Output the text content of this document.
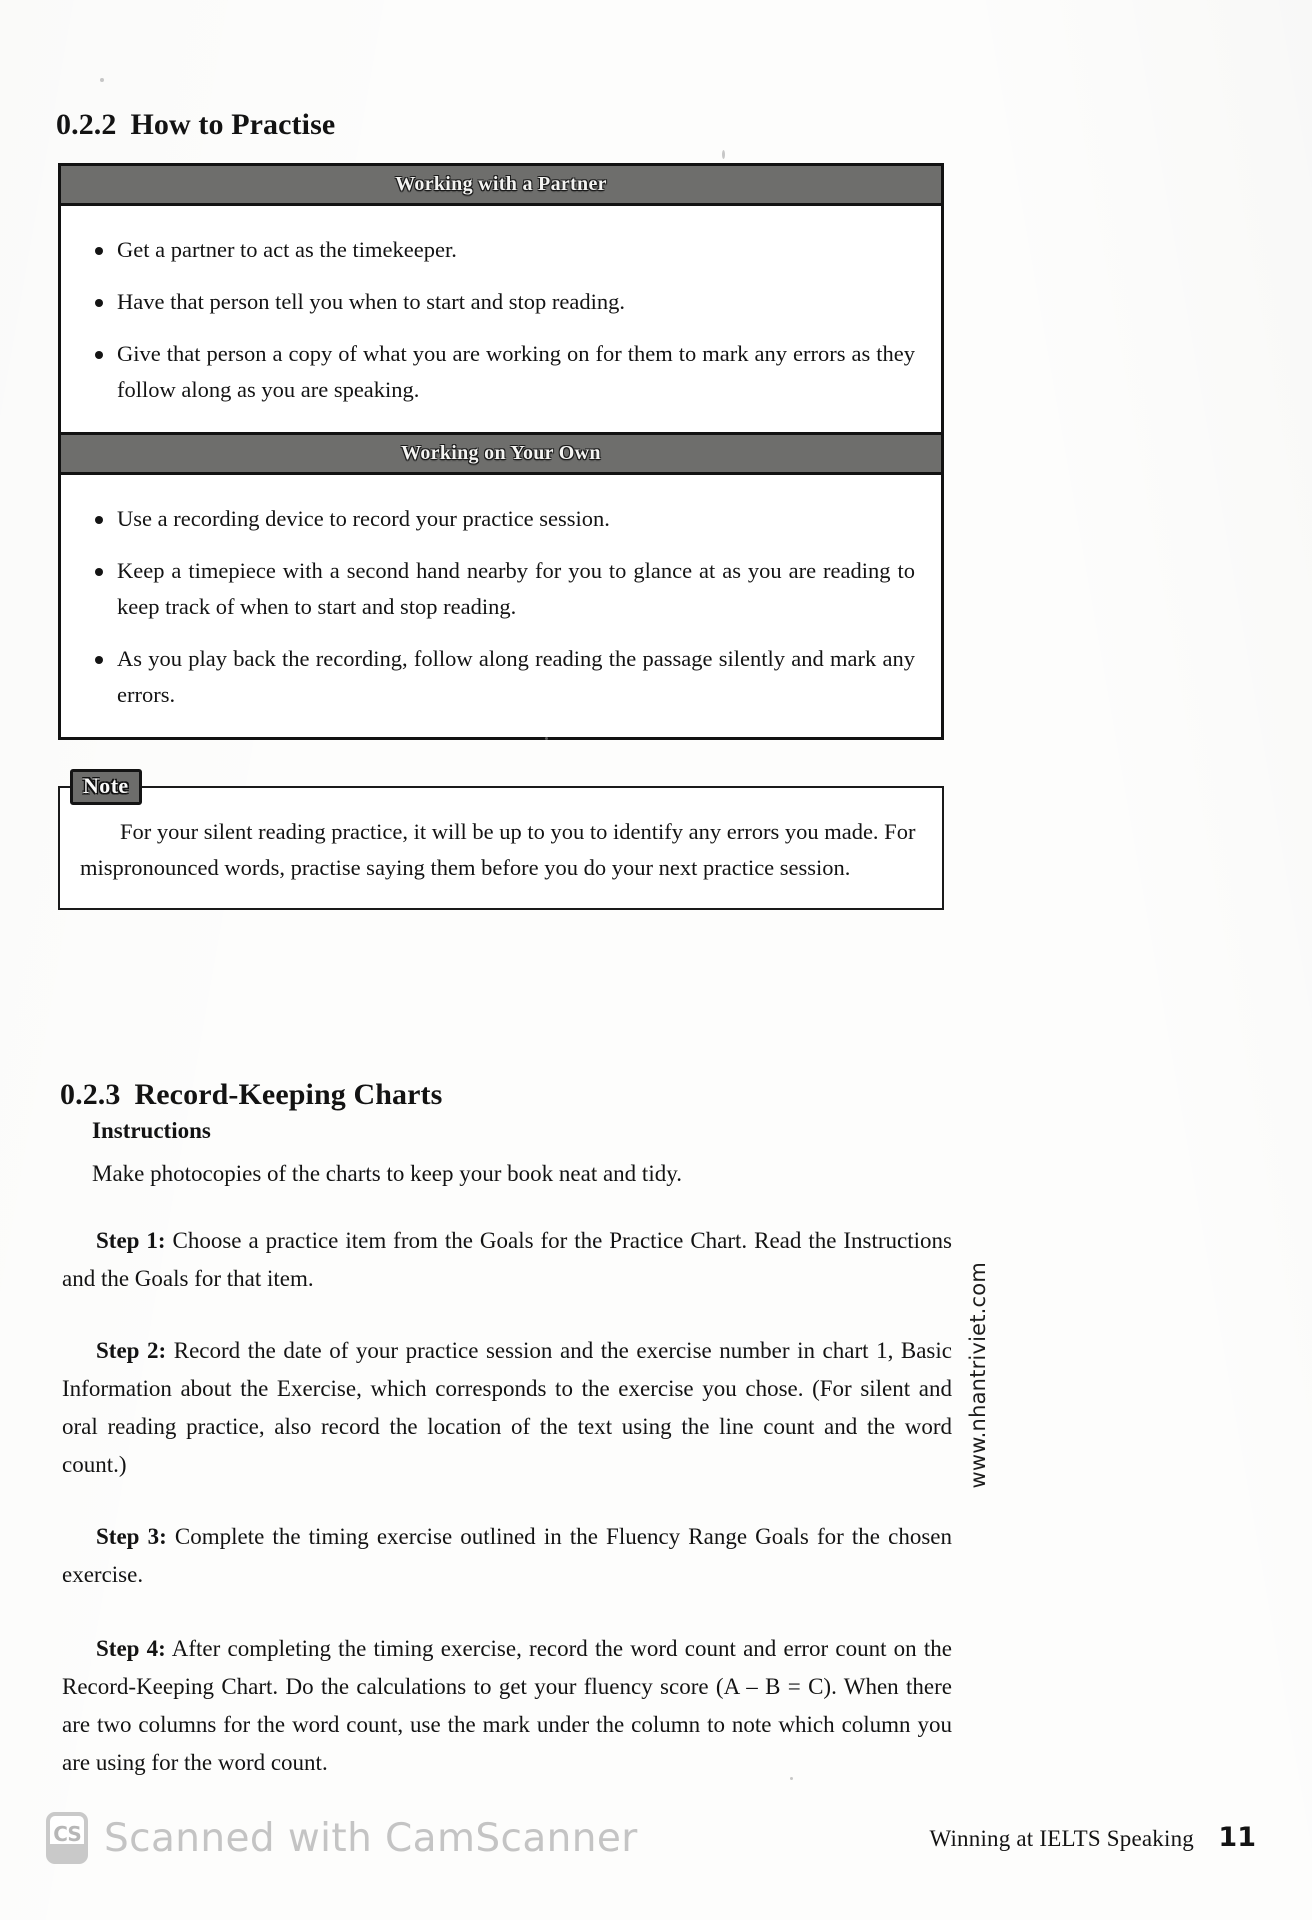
0.2.2 How to Practise
Working with a Partner
Get a partner to act as the timekeeper.
Have that person tell you when to start and stop reading.
Give that person a copy of what you are working on for them to mark any errors as they follow along as you are speaking.
Working on Your Own
Use a recording device to record your practice session.
Keep a timepiece with a second hand nearby for you to glance at as you are reading to keep track of when to start and stop reading.
As you play back the recording, follow along reading the passage silently and mark any errors.
Note

For your silent reading practice, it will be up to you to identify any errors you made. For mispronounced words, practise saying them before you do your next practice session.

0.2.3 Record-Keeping Charts
Instructions

Make photocopies of the charts to keep your book neat and tidy.

Step 1: Choose a practice item from the Goals for the Practice Chart. Read the Instructions and the Goals for that item.

Step 2: Record the date of your practice session and the exercise number in chart 1, Basic Information about the Exercise, which corresponds to the exercise you chose. (For silent and oral reading practice, also record the location of the text using the line count and the word count.)

Step 3: Complete the timing exercise outlined in the Fluency Range Goals for the chosen exercise.

Step 4: After completing the timing exercise, record the word count and error count on the Record-Keeping Chart. Do the calculations to get your fluency score (A – B = C). When there are two columns for the word count, use the mark under the column to note which column you are using for the word count.

www.nhantriviet.com
CS Scanned with CamScanner	Winning at IELTS Speaking 11
